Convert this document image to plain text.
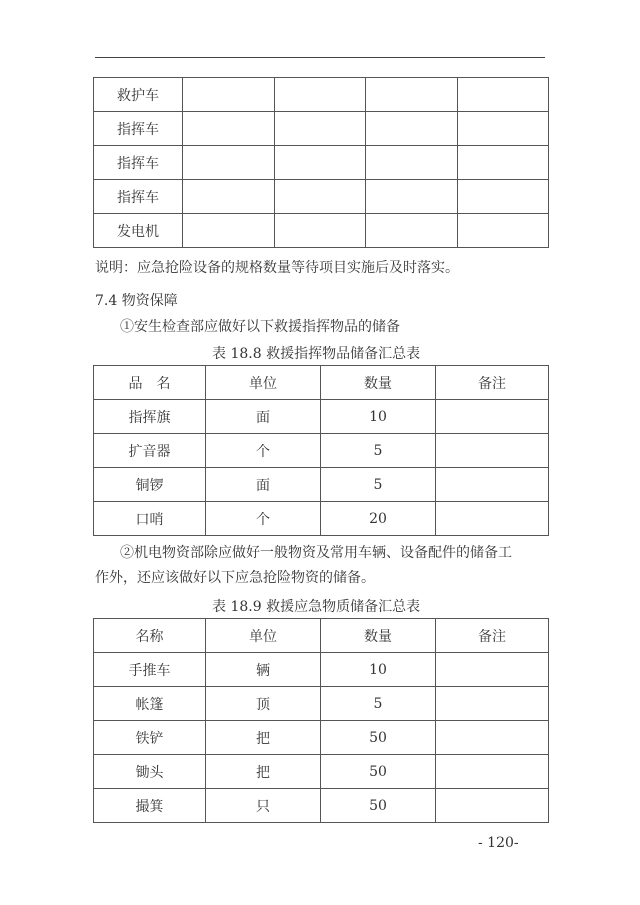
救护车				
指挥车				
指挥车				
指挥车				
发电机				
说明：应急抢险设备的规格数量等待项目实施后及时落实。
7.4 物资保障
①安生检查部应做好以下救援指挥物品的储备
表 18.8 救援指挥物品储备汇总表
品　名	单位	数量	备注
指挥旗	面	10	
扩音器	个	5	
铜锣	面	5	
口哨	个	20	
②机电物资部除应做好一般物资及常用车辆、设备配件的储备工
作外，还应该做好以下应急抢险物资的储备。
表 18.9 救援应急物质储备汇总表
名称	单位	数量	备注
手推车	辆	10	
帐篷	顶	5	
铁铲	把	50	
锄头	把	50	
撮箕	只	50	
- 120-
